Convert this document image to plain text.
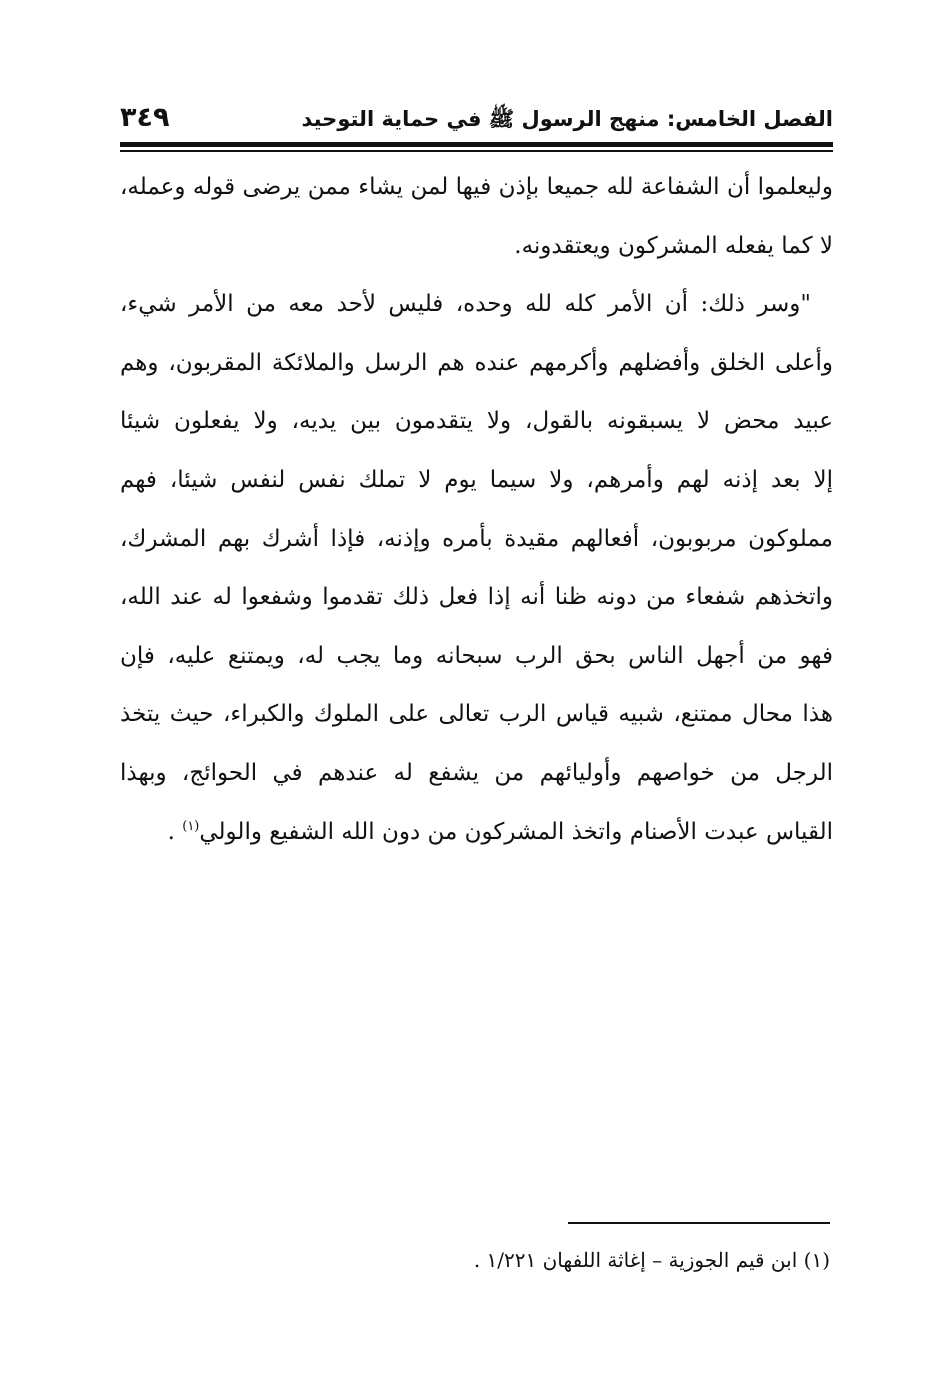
الفصل الخامس: منهج الرسول ﷺ في حماية التوحيد
٣٤٩
وليعلموا أن الشفاعة لله جميعا بإذن فيها لمن يشاء ممن يرضى قوله وعمله،
لا كما يفعله المشركون ويعتقدونه.
"وسر ذلك: أن الأمر كله لله وحده، فليس لأحد معه من الأمر شيء،
وأعلى الخلق وأفضلهم وأكرمهم عنده هم الرسل والملائكة المقربون، وهم
عبيد محض لا يسبقونه بالقول، ولا يتقدمون بين يديه، ولا يفعلون شيئا
إلا بعد إذنه لهم وأمرهم، ولا سيما يوم لا تملك نفس لنفس شيئا، فهم
مملوكون مربوبون، أفعالهم مقيدة بأمره وإذنه، فإذا أشرك بهم المشرك،
واتخذهم شفعاء من دونه ظنا أنه إذا فعل ذلك تقدموا وشفعوا له عند الله،
فهو من أجهل الناس بحق الرب سبحانه وما يجب له، ويمتنع عليه، فإن
هذا محال ممتنع، شبيه قياس الرب تعالى على الملوك والكبراء، حيث يتخذ
الرجل من خواصهم وأوليائهم من يشفع له عندهم في الحوائج، وبهذا
القياس عبدت الأصنام واتخذ المشركون من دون الله الشفيع والولي$^{(١)}$ .
(١) ابن قيم الجوزية – إغاثة اللفهان ١/٢٢١ .
